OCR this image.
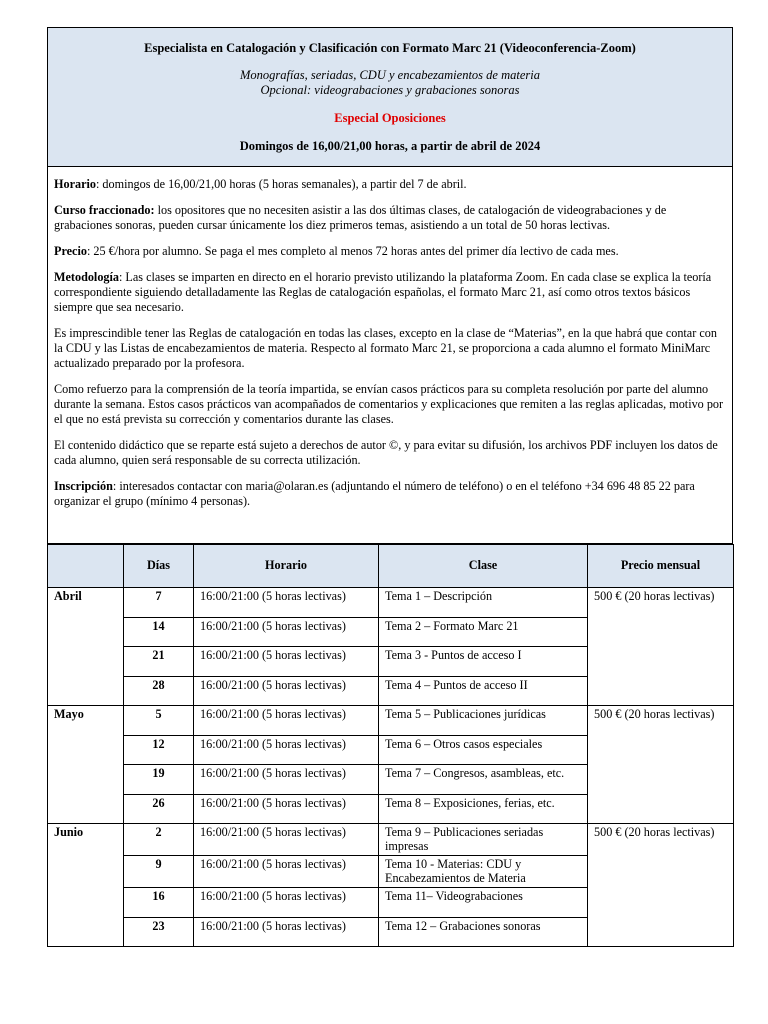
Especialista en Catalogación y Clasificación con Formato Marc 21 (Videoconferencia-Zoom)
Monografías, seriadas, CDU y encabezamientos de materia
Opcional: videograbaciones y grabaciones sonoras
Especial Oposiciones
Domingos de 16,00/21,00 horas, a partir de abril de 2024

Horario: domingos de 16,00/21,00 horas (5 horas semanales), a partir del 7 de abril.

Curso fraccionado: los opositores que no necesiten asistir a las dos últimas clases, de catalogación de videograbaciones y de grabaciones sonoras, pueden cursar únicamente los diez primeros temas, asistiendo a un total de 50 horas lectivas.

Precio: 25 €/hora por alumno. Se paga el mes completo al menos 72 horas antes del primer día lectivo de cada mes.

Metodología: Las clases se imparten en directo en el horario previsto utilizando la plataforma Zoom. En cada clase se explica la teoría correspondiente siguiendo detalladamente las Reglas de catalogación españolas, el formato Marc 21, así como otros textos básicos siempre que sea necesario.

Es imprescindible tener las Reglas de catalogación en todas las clases, excepto en la clase de “Materias”, en la que habrá que contar con la CDU y las Listas de encabezamientos de materia. Respecto al formato Marc 21, se proporciona a cada alumno el formato MiniMarc actualizado preparado por la profesora.

Como refuerzo para la comprensión de la teoría impartida, se envían casos prácticos para su completa resolución por parte del alumno durante la semana. Estos casos prácticos van acompañados de comentarios y explicaciones que remiten a las reglas aplicadas, motivo por el que no está prevista su corrección y comentarios durante las clases.

El contenido didáctico que se reparte está sujeto a derechos de autor ©, y para evitar su difusión, los archivos PDF incluyen los datos de cada alumno, quien será responsable de su correcta utilización.

Inscripción: interesados contactar con maria@olaran.es (adjuntando el número de teléfono) o en el teléfono +34 696 48 85 22 para organizar el grupo (mínimo 4 personas).

	Días	Horario	Clase	Precio mensual
Abril	7	16:00/21:00 (5 horas lectivas)	Tema 1 – Descripción	500 € (20 horas lectivas)
	14	16:00/21:00 (5 horas lectivas)	Tema 2 – Formato Marc 21	
	21	16:00/21:00 (5 horas lectivas)	Tema 3 - Puntos de acceso I	
	28	16:00/21:00 (5 horas lectivas)	Tema 4 – Puntos de acceso II	
Mayo	5	16:00/21:00 (5 horas lectivas)	Tema 5 – Publicaciones jurídicas	500 € (20 horas lectivas)
	12	16:00/21:00 (5 horas lectivas)	Tema 6 – Otros casos especiales	
	19	16:00/21:00 (5 horas lectivas)	Tema 7 – Congresos, asambleas, etc.	
	26	16:00/21:00 (5 horas lectivas)	Tema 8 – Exposiciones, ferias, etc.	
Junio	2	16:00/21:00 (5 horas lectivas)	Tema 9 – Publicaciones seriadas impresas	500 € (20 horas lectivas)
	9	16:00/21:00 (5 horas lectivas)	Tema 10 - Materias: CDU y Encabezamientos de Materia	
	16	16:00/21:00 (5 horas lectivas)	Tema 11– Videograbaciones	
	23	16:00/21:00 (5 horas lectivas)	Tema 12 – Grabaciones sonoras	
